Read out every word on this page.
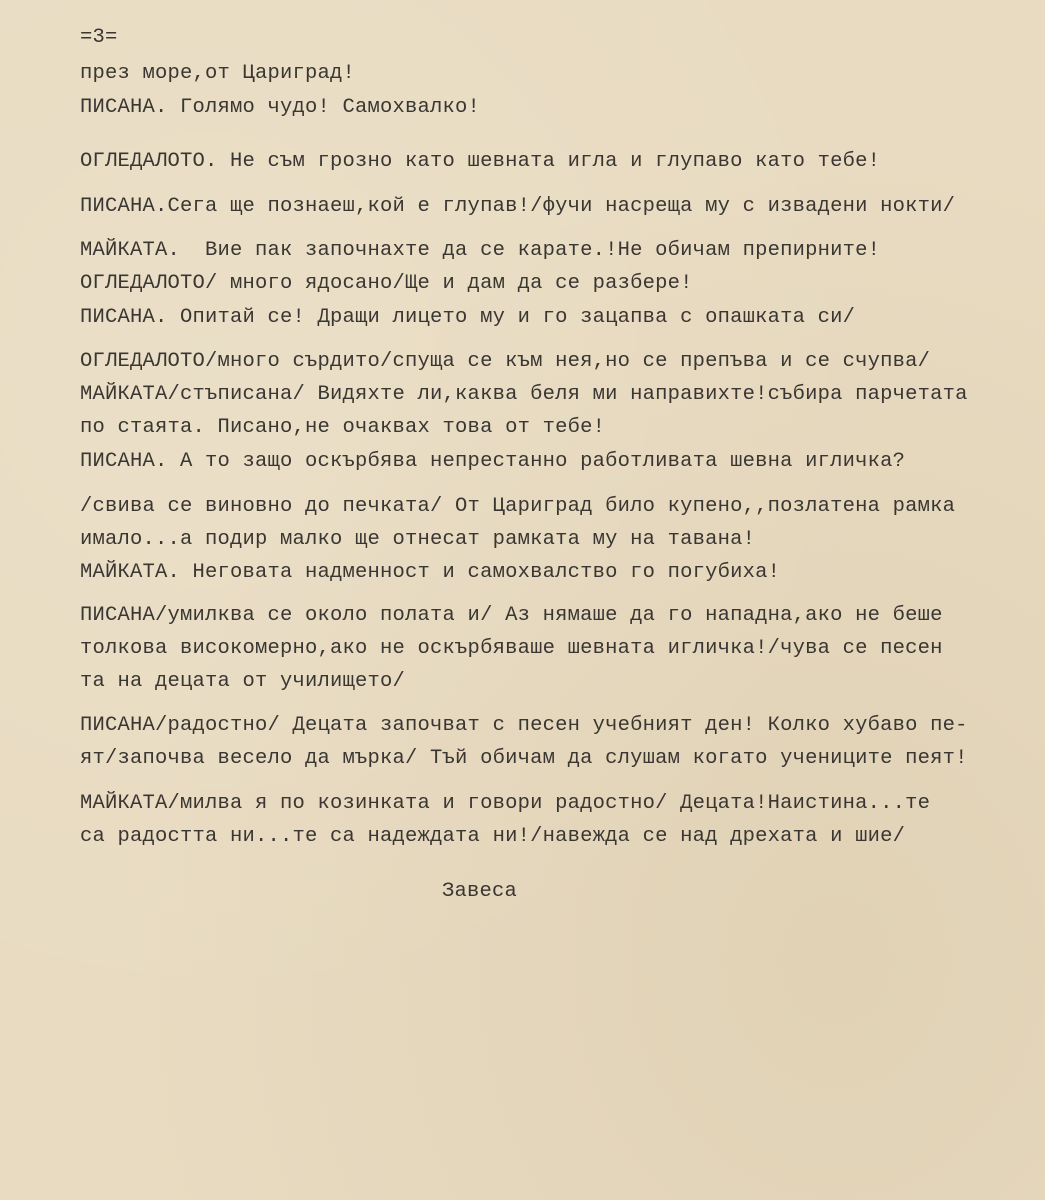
=3=
през море,от Цариград!
ПИСАНА. Голямо чудо! Самохвалко!
ОГЛЕДАЛОТО. Не съм грозно като шевната игла и глупаво като тебе!
ПИСАНА.Сега ще познаеш,кой е глупав!/фучи насреща му с извадени нокти/
МАЙКАТА.  Вие пак започнахте да се карате.!Не обичам препирните!
ОГЛЕДАЛОТО/ много ядосано/Ще и дам да се разбере!
ПИСАНА. Опитай се! Дращи лицето му и го зацапва с опашката си/
ОГЛЕДАЛОТО/много сърдито/спуща се към нея,но се препъва и се счупва/
МАЙКАТА/стъписана/ Видяхте ли,каква беля ми направихте!събира парчетата
по стаята. Писано,не очаквах това от тебе!
ПИСАНА. А то защо оскърбява непрестанно работливата шевна игличка?
/свива се виновно до печката/ От Цариград било купено,,позлатена рамка
имало...а подир малко ще отнесат рамката му на тавана!
МАЙКАТА. Неговата надменност и самохвалство го погубиха!
ПИСАНА/умилква се около полата и/ Аз нямаше да го нападна,ако не беше
толкова високомерно,ако не оскърбяваше шевната игличка!/чува се песен
та на децата от училището/
ПИСАНА/радостно/ Децата започват с песен учебният ден! Колко хубаво пе-
ят/започва весело да мърка/ Тъй обичам да слушам когато учениците пеят!
МАЙКАТА/милва я по козинката и говори радостно/ Децата!Наистина...те
са радостта ни...те са надеждата ни!/навежда се над дрехата и шие/
Завеса
